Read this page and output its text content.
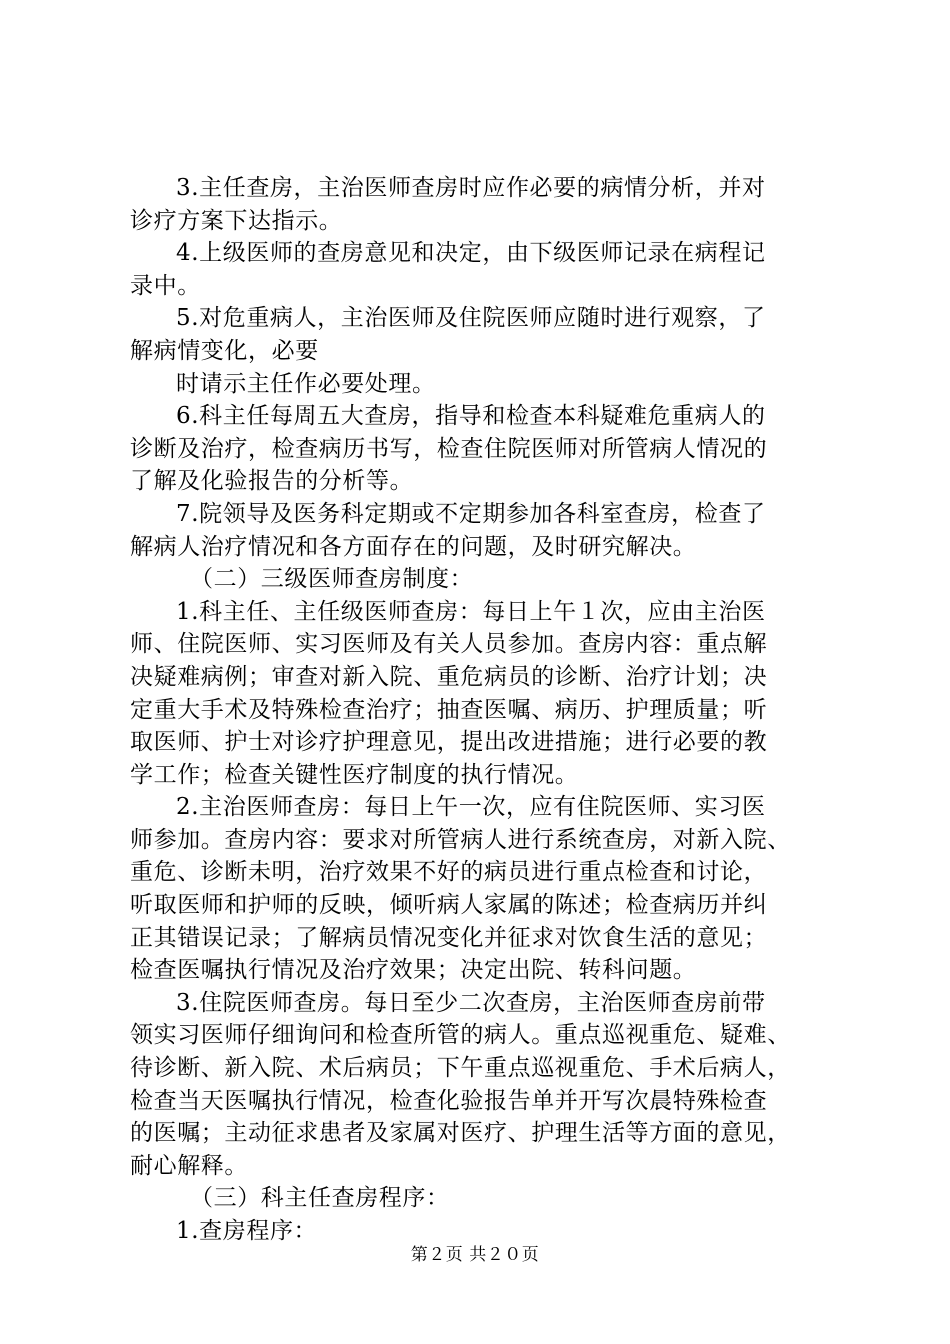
3.主任查房，主治医师查房时应作必要的病情分析，并对
诊疗方案下达指示。
4.上级医师的查房意见和决定，由下级医师记录在病程记
录中。
5.对危重病人，主治医师及住院医师应随时进行观察，了
解病情变化，必要
时请示主任作必要处理。
6.科主任每周五大查房，指导和检查本科疑难危重病人的
诊断及治疗，检查病历书写，检查住院医师对所管病人情况的
了解及化验报告的分析等。
7.院领导及医务科定期或不定期参加各科室查房，检查了
解病人治疗情况和各方面存在的问题，及时研究解决。
（二）三级医师查房制度：
1.科主任、主任级医师查房：每日上午１次，应由主治医
师、住院医师、实习医师及有关人员参加。查房内容：重点解
决疑难病例；审查对新入院、重危病员的诊断、治疗计划；决
定重大手术及特殊检查治疗；抽查医嘱、病历、护理质量；听
取医师、护士对诊疗护理意见，提出改进措施；进行必要的教
学工作；检查关键性医疗制度的执行情况。
2.主治医师查房：每日上午一次，应有住院医师、实习医
师参加。查房内容：要求对所管病人进行系统查房，对新入院、
重危、诊断未明，治疗效果不好的病员进行重点检查和讨论，
听取医师和护师的反映，倾听病人家属的陈述；检查病历并纠
正其错误记录；了解病员情况变化并征求对饮食生活的意见；
检查医嘱执行情况及治疗效果；决定出院、转科问题。
3.住院医师查房。每日至少二次查房，主治医师查房前带
领实习医师仔细询问和检查所管的病人。重点巡视重危、疑难、
待诊断、新入院、术后病员；下午重点巡视重危、手术后病人，
检查当天医嘱执行情况，检查化验报告单并开写次晨特殊检查
的医嘱；主动征求患者及家属对医疗、护理生活等方面的意见，
耐心解释。
（三）科主任查房程序：
1.查房程序：
第２页 共２０页
